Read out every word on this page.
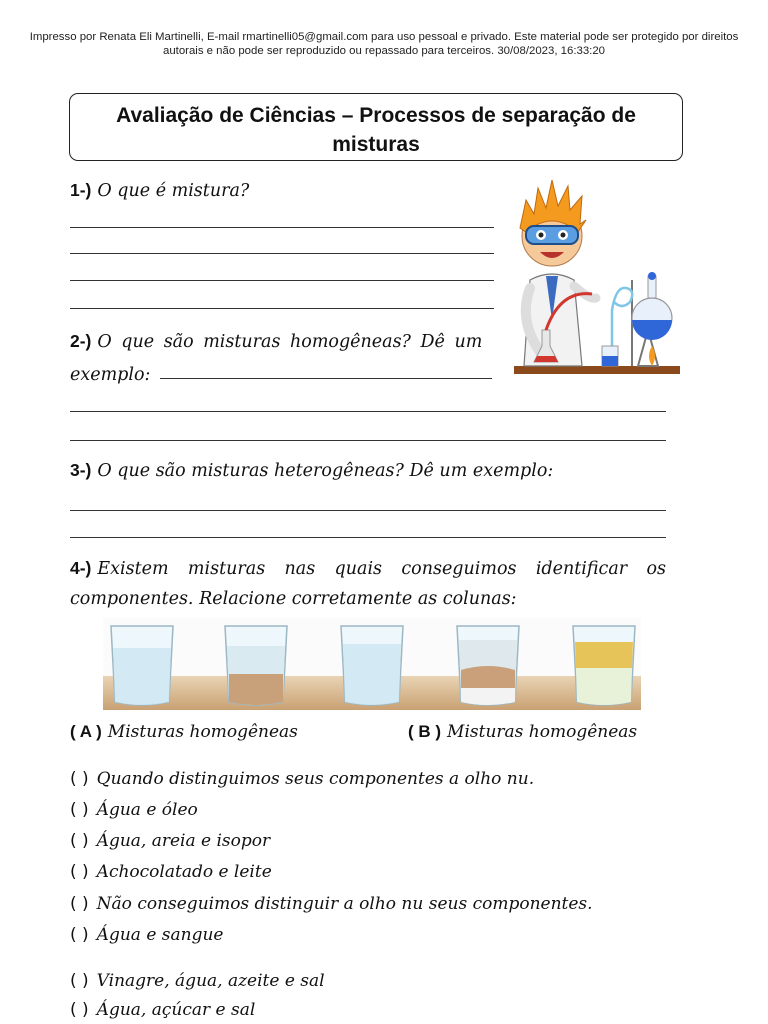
Impresso por Renata Eli Martinelli, E-mail rmartinelli05@gmail.com para uso pessoal e privado. Este material pode ser protegido por direitos autorais e não pode ser reproduzido ou repassado para terceiros. 30/08/2023, 16:33:20
Avaliação de Ciências – Processos de separação de
misturas
1-) O que é mistura?
2-) O que são misturas homogêneas? Dê um
exemplo:
3-) O que são misturas heterogêneas? Dê um exemplo:
4-) Existem misturas nas quais conseguimos identificar os
componentes. Relacione corretamente as colunas:
( A ) Misturas homogêneas	( B ) Misturas homogêneas
( ) Quando distinguimos seus componentes a olho nu.
( ) Água e óleo
( ) Água, areia e isopor
( ) Achocolatado e leite
( ) Não conseguimos distinguir a olho nu seus componentes.
( ) Água e sangue
( ) Vinagre, água, azeite e sal
( ) Água, açúcar e sal
